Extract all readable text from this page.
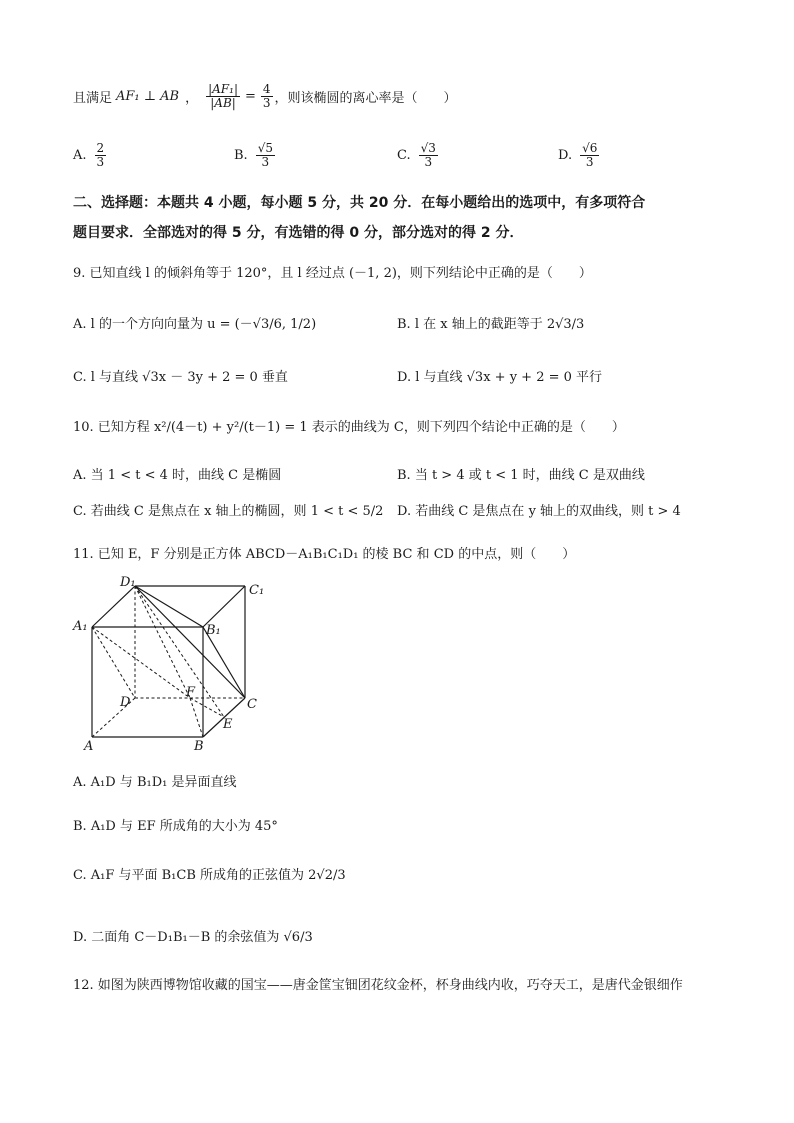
且满足 AF₁ ⊥ AB ， $\frac{\text{|AF₁|}}{|AB|} = \frac{4}{3}$ ，则该椭圆的离心率是（　　）
A. $\frac{2}{3}$	B. $\frac{√5}{3}$	C. $\frac{√3}{3}$	D. $\frac{√6}{3}$
二、选择题：本题共 4 小题，每小题 5 分，共 20 分．在每小题给出的选项中，有多项符合
题目要求．全部选对的得 5 分，有选错的得 0 分，部分选对的得 2 分．
9. 已知直线 l 的倾斜角等于 120°，且 l 经过点 (－1, 2)，则下列结论中正确的是（　　）
A. l 的一个方向向量为 u = (－√3/6, 1/2)	B. l 在 x 轴上的截距等于 2√3/3
C. l 与直线 √3x － 3y + 2 = 0 垂直	D. l 与直线 √3x + y + 2 = 0 平行
10. 已知方程 x²/(4－t) + y²/(t－1) = 1 表示的曲线为 C，则下列四个结论中正确的是（　　）
A. 当 1 < t < 4 时，曲线 C 是椭圆	B. 当 t > 4 或 t < 1 时，曲线 C 是双曲线
C. 若曲线 C 是焦点在 x 轴上的椭圆，则 1 < t < 5/2 D. 若曲线 C 是焦点在 y 轴上的双曲线，则 t > 4
11. 已知 E，F 分别是正方体 ABCD－A₁B₁C₁D₁ 的棱 BC 和 CD 的中点，则（　　）
D₁
C₁
A₁	B₁
D
F
C
E
A	B
A. A₁D 与 B₁D₁ 是异面直线
B. A₁D 与 EF 所成角的大小为 45°
C. A₁F 与平面 B₁CB 所成角的正弦值为 2√2/3
D. 二面角 C－D₁B₁－B 的余弦值为 √6/3
12. 如图为陕西博物馆收藏的国宝——唐金筐宝钿团花纹金杯，杯身曲线内收，巧夺天工，是唐代金银细作
